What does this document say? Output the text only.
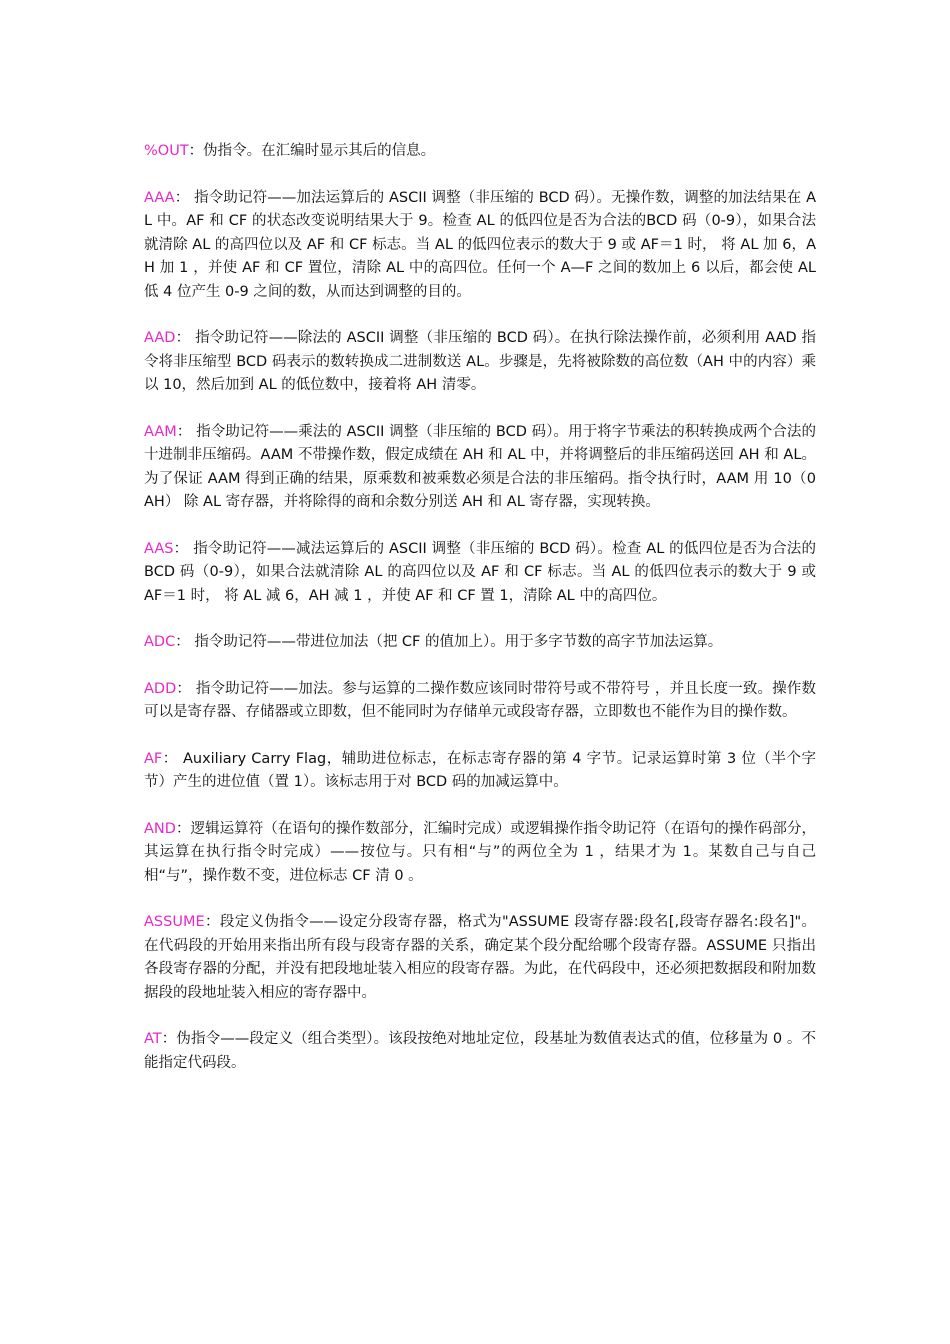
%OUT：伪指令。在汇编时显示其后的信息。

AAA： 指令助记符——加法运算后的 ASCII 调整（非压缩的 BCD 码）。无操作数，调整的加法结果在 AL 中。AF 和 CF 的状态改变说明结果大于 9。检查 AL 的低四位是否为合法的BCD 码（0-9），如果合法就清除 AL 的高四位以及 AF 和 CF 标志。当 AL 的低四位表示的数大于 9 或 AF＝1 时， 将 AL 加 6，AH 加 1 ，并使 AF 和 CF 置位，清除 AL 中的高四位。任何一个 A—F 之间的数加上 6 以后，都会使 AL 低 4 位产生 0-9 之间的数，从而达到调整的目的。

AAD： 指令助记符——除法的 ASCII 调整（非压缩的 BCD 码）。在执行除法操作前，必须利用 AAD 指令将非压缩型 BCD 码表示的数转换成二进制数送 AL。步骤是，先将被除数的高位数（AH 中的内容）乘以 10，然后加到 AL 的低位数中，接着将 AH 清零。

AAM： 指令助记符——乘法的 ASCII 调整（非压缩的 BCD 码）。用于将字节乘法的积转换成两个合法的十进制非压缩码。AAM 不带操作数，假定成绩在 AH 和 AL 中，并将调整后的非压缩码送回 AH 和 AL。为了保证 AAM 得到正确的结果，原乘数和被乘数必须是合法的非压缩码。指令执行时，AAM 用 10（0AH） 除 AL 寄存器，并将除得的商和余数分别送 AH 和 AL 寄存器，实现转换。

AAS： 指令助记符——减法运算后的 ASCII 调整（非压缩的 BCD 码）。检查 AL 的低四位是否为合法的 BCD 码（0-9），如果合法就清除 AL 的高四位以及 AF 和 CF 标志。当 AL 的低四位表示的数大于 9 或 AF＝1 时， 将 AL 减 6，AH 减 1 ，并使 AF 和 CF 置 1，清除 AL 中的高四位。

ADC： 指令助记符——带进位加法（把 CF 的值加上）。用于多字节数的高字节加法运算。

ADD： 指令助记符——加法。参与运算的二操作数应该同时带符号或不带符号 ，并且长度一致。操作数可以是寄存器、存储器或立即数，但不能同时为存储单元或段寄存器，立即数也不能作为目的操作数。

AF： Auxiliary Carry Flag，辅助进位标志，在标志寄存器的第 4 字节。记录运算时第 3 位（半个字节）产生的进位值（置 1）。该标志用于对 BCD 码的加减运算中。

AND：逻辑运算符（在语句的操作数部分，汇编时完成）或逻辑操作指令助记符（在语句的操作码部分，其运算在执行指令时完成）——按位与。只有相“与”的两位全为 1 ，结果才为 1。某数自己与自己相“与”，操作数不变，进位标志 CF 清 0 。

ASSUME：段定义伪指令——设定分段寄存器，格式为"ASSUME 段寄存器:段名[,段寄存器名:段名]"。在代码段的开始用来指出所有段与段寄存器的关系，确定某个段分配给哪个段寄存器。ASSUME 只指出各段寄存器的分配，并没有把段地址装入相应的段寄存器。为此，在代码段中，还必须把数据段和附加数据段的段地址装入相应的寄存器中。

AT：伪指令——段定义（组合类型）。该段按绝对地址定位，段基址为数值表达式的值，位移量为 0 。不能指定代码段。
